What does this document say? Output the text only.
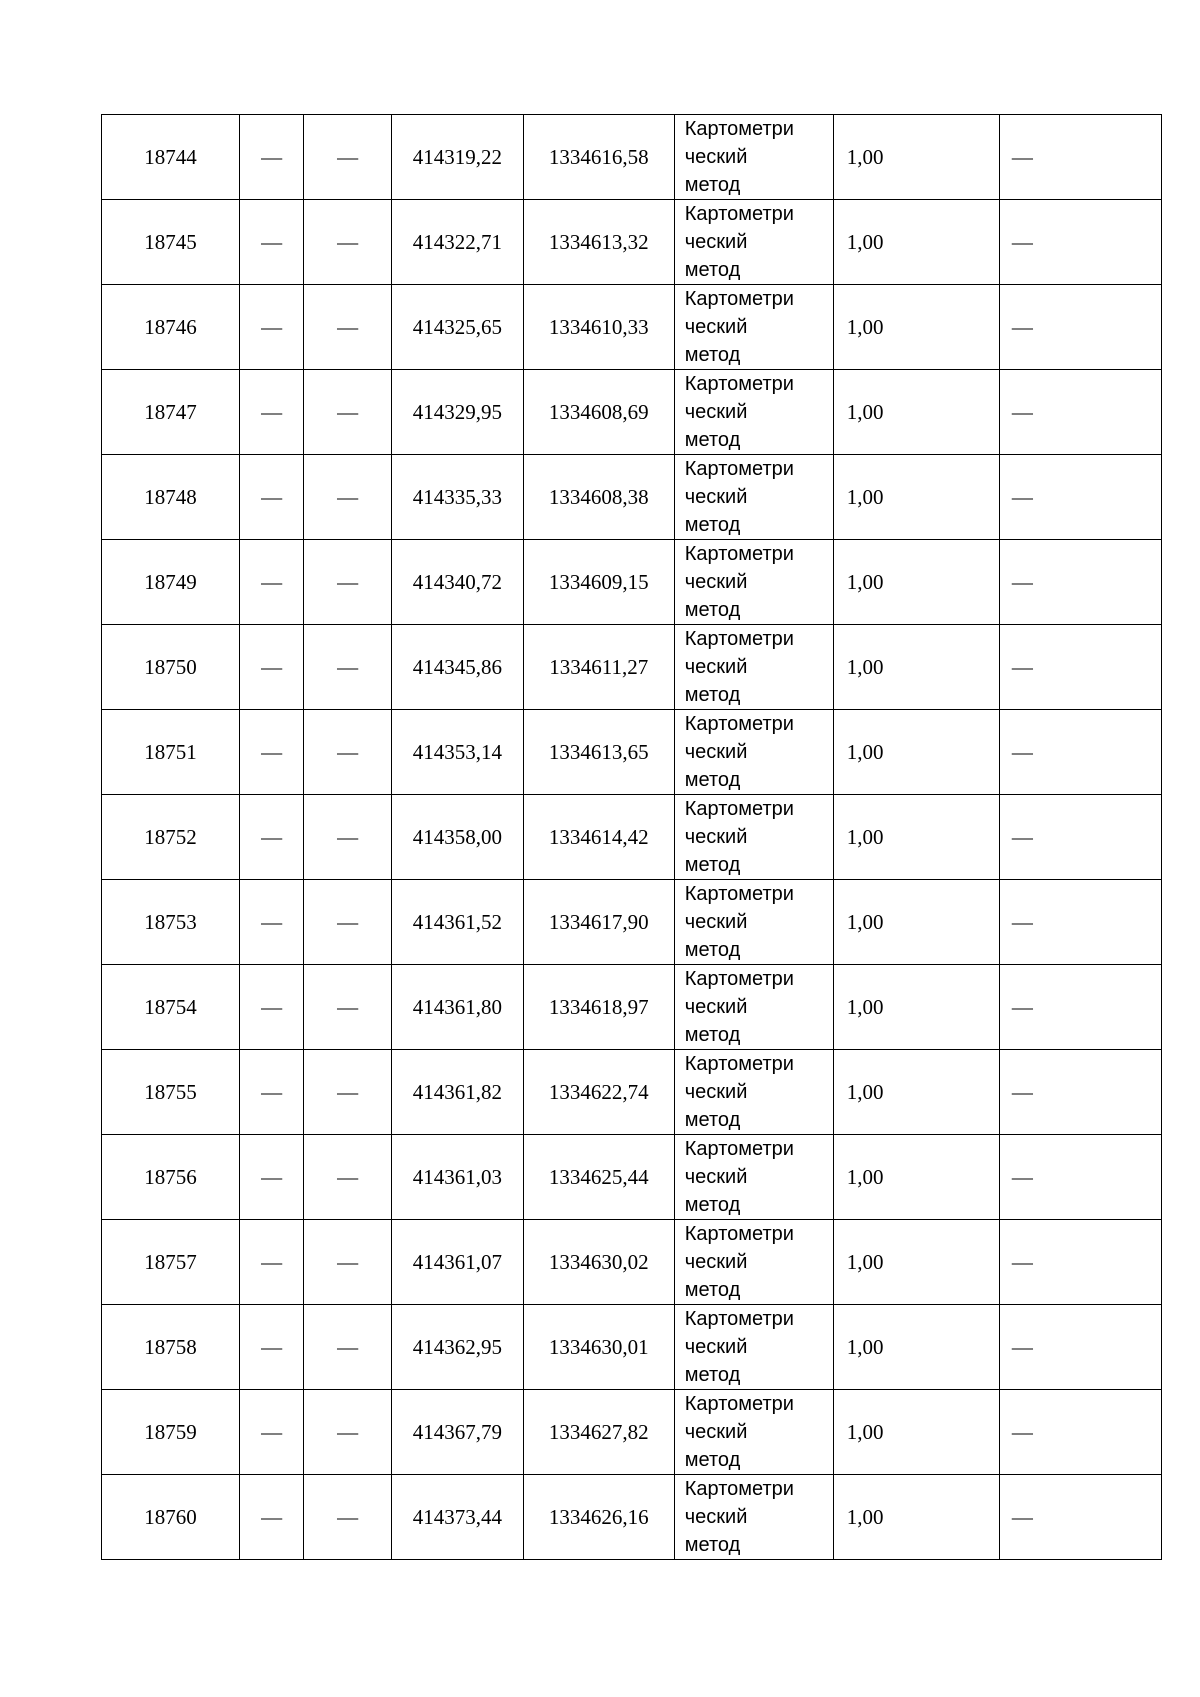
18744	—	—	414319,22	1334616,58	Картометри
ческий
метод	1,00	—
18745	—	—	414322,71	1334613,32	Картометри
ческий
метод	1,00	—
18746	—	—	414325,65	1334610,33	Картометри
ческий
метод	1,00	—
18747	—	—	414329,95	1334608,69	Картометри
ческий
метод	1,00	—
18748	—	—	414335,33	1334608,38	Картометри
ческий
метод	1,00	—
18749	—	—	414340,72	1334609,15	Картометри
ческий
метод	1,00	—
18750	—	—	414345,86	1334611,27	Картометри
ческий
метод	1,00	—
18751	—	—	414353,14	1334613,65	Картометри
ческий
метод	1,00	—
18752	—	—	414358,00	1334614,42	Картометри
ческий
метод	1,00	—
18753	—	—	414361,52	1334617,90	Картометри
ческий
метод	1,00	—
18754	—	—	414361,80	1334618,97	Картометри
ческий
метод	1,00	—
18755	—	—	414361,82	1334622,74	Картометри
ческий
метод	1,00	—
18756	—	—	414361,03	1334625,44	Картометри
ческий
метод	1,00	—
18757	—	—	414361,07	1334630,02	Картометри
ческий
метод	1,00	—
18758	—	—	414362,95	1334630,01	Картометри
ческий
метод	1,00	—
18759	—	—	414367,79	1334627,82	Картометри
ческий
метод	1,00	—
18760	—	—	414373,44	1334626,16	Картометри
ческий
метод	1,00	—
